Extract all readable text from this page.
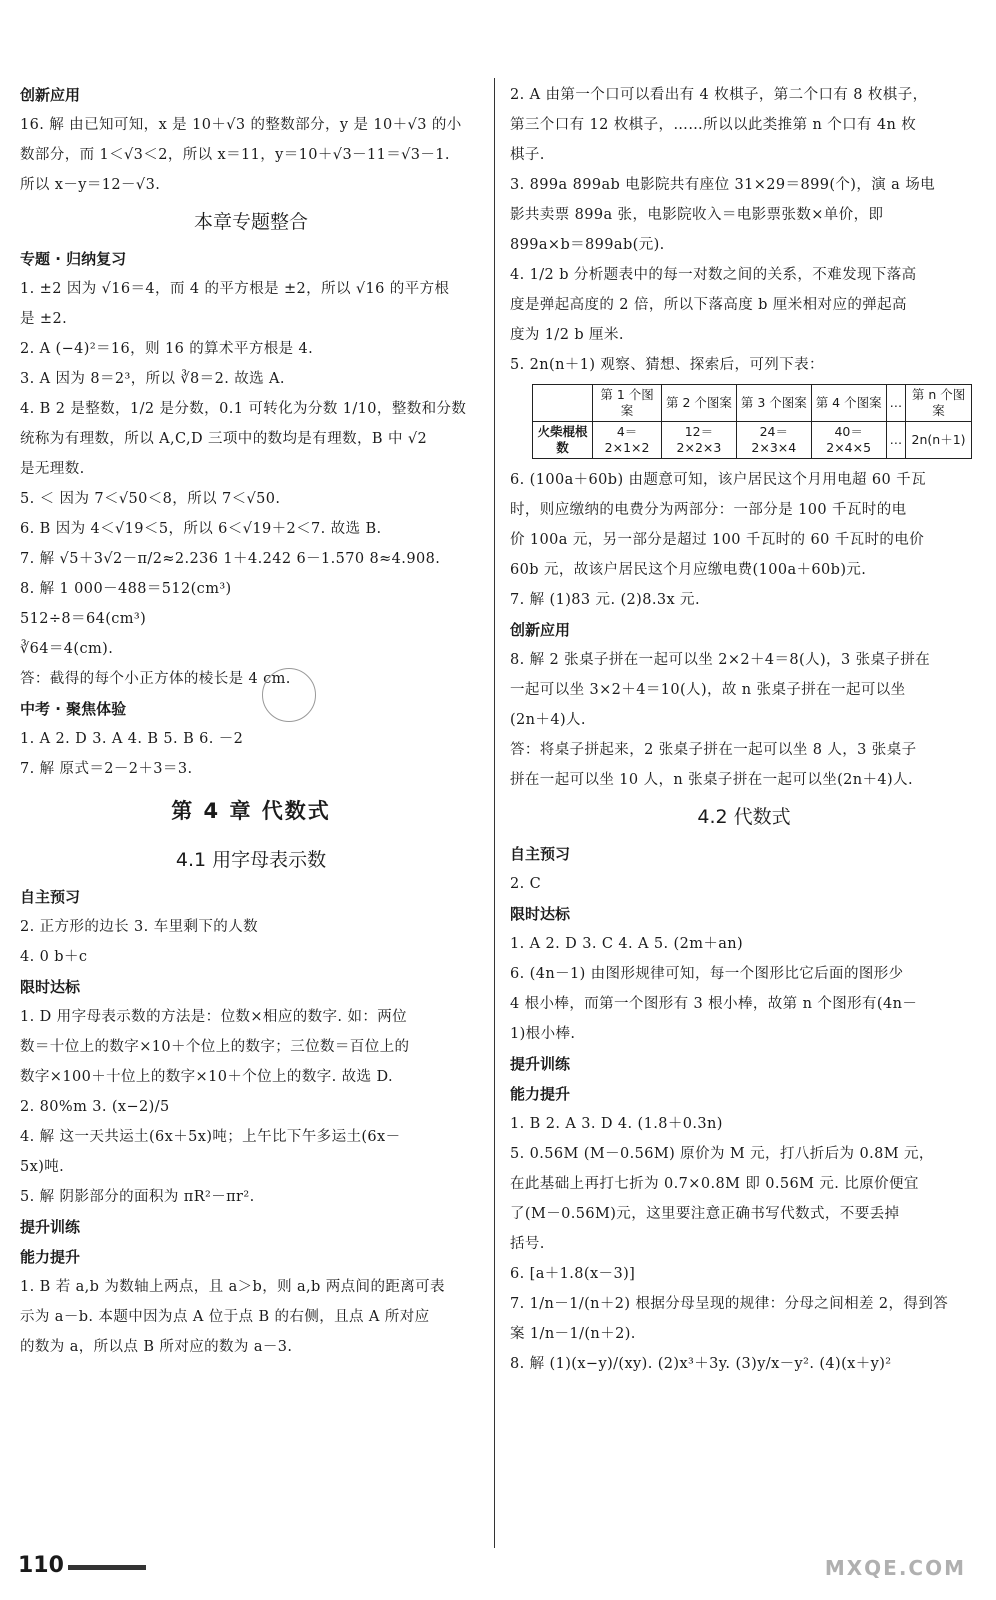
创新应用
16. 解 由已知可知，x 是 10＋√3 的整数部分，y 是 10＋√3 的小
数部分，而 1＜√3＜2，所以 x＝11，y＝10＋√3－11＝√3－1.
所以 x－y＝12－√3.
本章专题整合
专题 · 归纳复习
1. ±2 因为 √16＝4，而 4 的平方根是 ±2，所以 √16 的平方根
是 ±2.
2. A (−4)²＝16，则 16 的算术平方根是 4.
3. A 因为 8＝2³，所以 ∛8＝2. 故选 A.
4. B 2 是整数，1/2 是分数，0.1 可转化为分数 1/10，整数和分数
统称为有理数，所以 A,C,D 三项中的数均是有理数，B 中 √2
是无理数.
5. ＜ 因为 7＜√50＜8，所以 7＜√50.
6. B 因为 4＜√19＜5，所以 6＜√19＋2＜7. 故选 B.
7. 解 √5＋3√2－π/2≈2.236 1＋4.242 6－1.570 8≈4.908.
8. 解 1 000－488＝512(cm³)
512÷8＝64(cm³)
∛64＝4(cm).
答：截得的每个小正方体的棱长是 4 cm.
中考 · 聚焦体验
1. A 2. D 3. A 4. B 5. B 6. －2
7. 解 原式＝2－2＋3＝3.
第 4 章 代数式
4.1 用字母表示数
自主预习
2. 正方形的边长 3. 车里剩下的人数
4. 0 b＋c
限时达标
1. D 用字母表示数的方法是：位数×相应的数字. 如：两位
数＝十位上的数字×10＋个位上的数字；三位数＝百位上的
数字×100＋十位上的数字×10＋个位上的数字. 故选 D.
2. 80%m 3. (x−2)/5
4. 解 这一天共运土(6x＋5x)吨；上午比下午多运土(6x－
5x)吨.
5. 解 阴影部分的面积为 πR²－πr².
提升训练
能力提升
1. B 若 a,b 为数轴上两点，且 a＞b，则 a,b 两点间的距离可表
示为 a－b. 本题中因为点 A 位于点 B 的右侧，且点 A 所对应
的数为 a，所以点 B 所对应的数为 a－3.
2. A 由第一个口可以看出有 4 枚棋子，第二个口有 8 枚棋子，
第三个口有 12 枚棋子，……所以以此类推第 n 个口有 4n 枚
棋子.
3. 899a 899ab 电影院共有座位 31×29＝899(个)，演 a 场电
影共卖票 899a 张，电影院收入＝电影票张数×单价，即
899a×b＝899ab(元).
4. 1/2 b 分析题表中的每一对数之间的关系，不难发现下落高
度是弹起高度的 2 倍，所以下落高度 b 厘米相对应的弹起高
度为 1/2 b 厘米.
5. 2n(n＋1) 观察、猜想、探索后，可列下表：
	第 1 个图案	第 2 个图案	第 3 个图案	第 4 个图案	…	第 n 个图案
火柴棍根数	4＝2×1×2	12＝2×2×3	24＝2×3×4	40＝2×4×5	…	2n(n＋1)
6. (100a＋60b) 由题意可知，该户居民这个月用电超 60 千瓦
时，则应缴纳的电费分为两部分：一部分是 100 千瓦时的电
价 100a 元，另一部分是超过 100 千瓦时的 60 千瓦时的电价
60b 元，故该户居民这个月应缴电费(100a＋60b)元.
7. 解 (1)83 元. (2)8.3x 元.
创新应用
8. 解 2 张桌子拼在一起可以坐 2×2＋4＝8(人)，3 张桌子拼在
一起可以坐 3×2＋4＝10(人)，故 n 张桌子拼在一起可以坐
(2n＋4)人.
答：将桌子拼起来，2 张桌子拼在一起可以坐 8 人，3 张桌子
拼在一起可以坐 10 人，n 张桌子拼在一起可以坐(2n＋4)人.
4.2 代数式
自主预习
2. C
限时达标
1. A 2. D 3. C 4. A 5. (2m＋an)
6. (4n－1) 由图形规律可知，每一个图形比它后面的图形少
4 根小棒，而第一个图形有 3 根小棒，故第 n 个图形有(4n－
1)根小棒.
提升训练
能力提升
1. B 2. A 3. D 4. (1.8＋0.3n)
5. 0.56M (M－0.56M) 原价为 M 元，打八折后为 0.8M 元，
在此基础上再打七折为 0.7×0.8M 即 0.56M 元. 比原价便宜
了(M－0.56M)元，这里要注意正确书写代数式，不要丢掉
括号.
6. [a＋1.8(x－3)]
7. 1/n－1/(n＋2) 根据分母呈现的规律：分母之间相差 2，得到答
案 1/n－1/(n＋2).
8. 解 (1)(x−y)/(xy). (2)x³＋3y. (3)y/x－y². (4)(x＋y)²
110	MXQE.COM
